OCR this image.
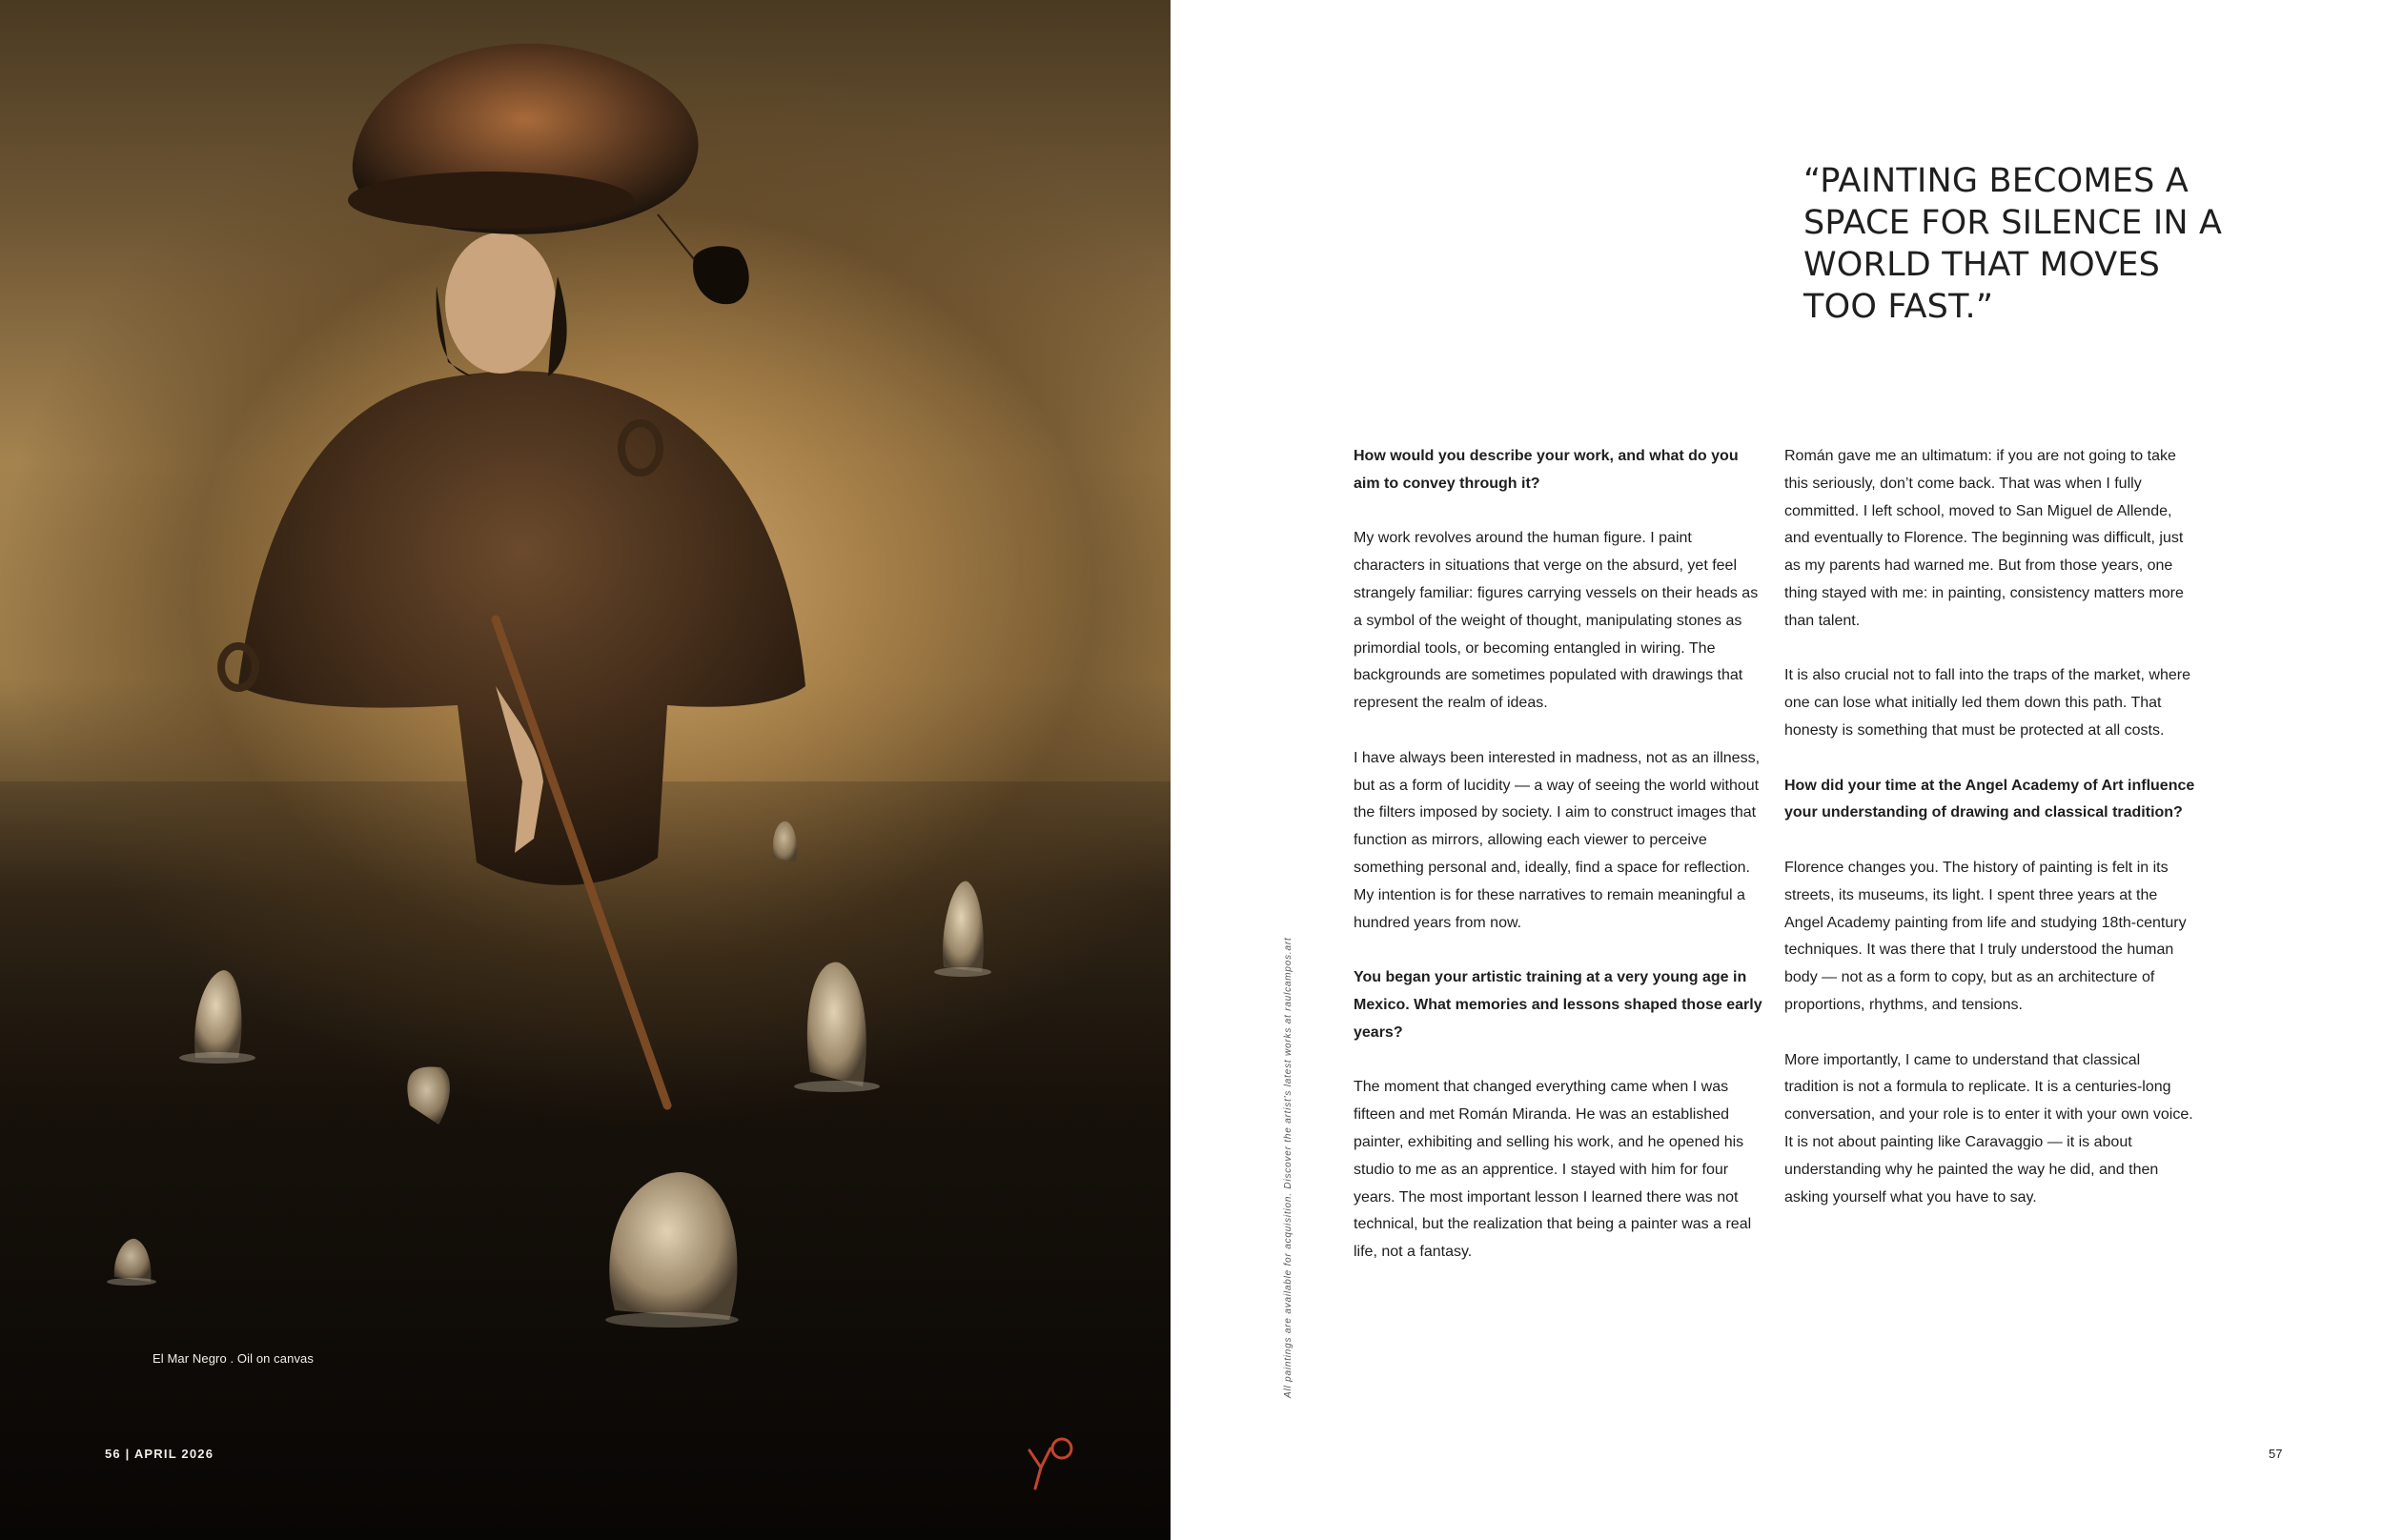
El Mar Negro . Oil on canvas
56 | APRIL 2026
All paintings are available for acquisition. Discover the artist's latest works at raulcampos.art
“PAINTING BECOMES A SPACE FOR SILENCE IN A WORLD THAT MOVES TOO FAST.”

How would you describe your work, and what do you aim to convey through it?

My work revolves around the human figure. I paint characters in situations that verge on the absurd, yet feel strangely familiar: figures carrying vessels on their heads as a symbol of the weight of thought, manipulating stones as primordial tools, or becoming entangled in wiring. The backgrounds are sometimes populated with drawings that represent the realm of ideas.

I have always been interested in madness, not as an illness, but as a form of lucidity — a way of seeing the world without the filters imposed by society. I aim to construct images that function as mirrors, allowing each viewer to perceive something personal and, ideally, find a space for reflection. My intention is for these narratives to remain meaningful a hundred years from now.

You began your artistic training at a very young age in Mexico. What memories and lessons shaped those early years?

The moment that changed everything came when I was fifteen and met Román Miranda. He was an established painter, exhibiting and selling his work, and he opened his studio to me as an apprentice. I stayed with him for four years. The most important lesson I learned there was not technical, but the realization that being a painter was a real life, not a fantasy.

Román gave me an ultimatum: if you are not going to take this seriously, don’t come back. That was when I fully committed. I left school, moved to San Miguel de Allende, and eventually to Florence. The beginning was difficult, just as my parents had warned me. But from those years, one thing stayed with me: in painting, consistency matters more than talent.

It is also crucial not to fall into the traps of the market, where one can lose what initially led them down this path. That honesty is something that must be protected at all costs.

How did your time at the Angel Academy of Art influence your understanding of drawing and classical tradition?

Florence changes you. The history of painting is felt in its streets, its museums, its light. I spent three years at the Angel Academy painting from life and studying 18th-century techniques. It was there that I truly understood the human body — not as a form to copy, but as an architecture of proportions, rhythms, and tensions.

More importantly, I came to understand that classical tradition is not a formula to replicate. It is a centuries-long conversation, and your role is to enter it with your own voice. It is not about painting like Caravaggio — it is about understanding why he painted the way he did, and then asking yourself what you have to say.

57
